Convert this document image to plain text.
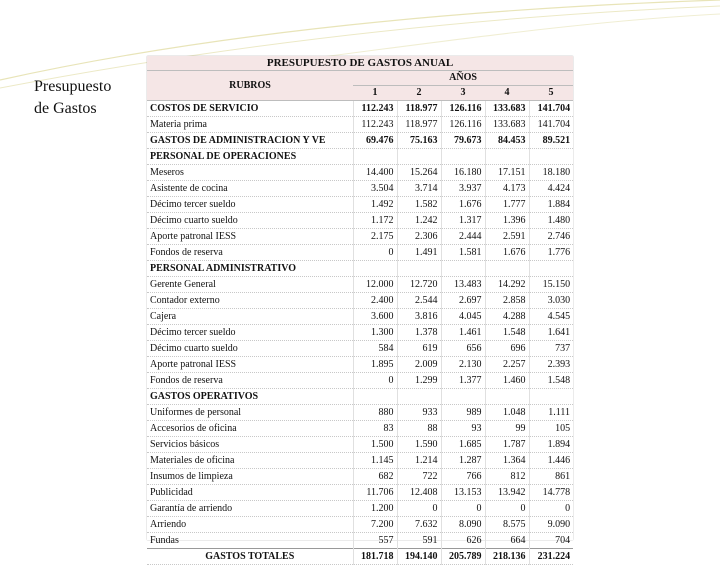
Presupuesto
de Gastos
PRESUPUESTO DE GASTOS ANUAL					
RUBROS	AÑOS				
	1	2	3	4	5
COSTOS DE SERVICIO	112.243	118.977	126.116	133.683	141.704
Materia prima	112.243	118.977	126.116	133.683	141.704
GASTOS DE ADMINISTRACION Y VE	69.476	75.163	79.673	84.453	89.521
PERSONAL DE OPERACIONES					
Meseros	14.400	15.264	16.180	17.151	18.180
Asistente de cocina	3.504	3.714	3.937	4.173	4.424
Décimo tercer sueldo	1.492	1.582	1.676	1.777	1.884
Décimo cuarto sueldo	1.172	1.242	1.317	1.396	1.480
Aporte patronal IESS	2.175	2.306	2.444	2.591	2.746
Fondos de reserva	0	1.491	1.581	1.676	1.776
PERSONAL ADMINISTRATIVO					
Gerente General	12.000	12.720	13.483	14.292	15.150
Contador externo	2.400	2.544	2.697	2.858	3.030
Cajera	3.600	3.816	4.045	4.288	4.545
Décimo tercer sueldo	1.300	1.378	1.461	1.548	1.641
Décimo cuarto sueldo	584	619	656	696	737
Aporte patronal IESS	1.895	2.009	2.130	2.257	2.393
Fondos de reserva	0	1.299	1.377	1.460	1.548
GASTOS OPERATIVOS					
Uniformes de personal	880	933	989	1.048	1.111
Accesorios de oficina	83	88	93	99	105
Servicios básicos	1.500	1.590	1.685	1.787	1.894
Materiales de oficina	1.145	1.214	1.287	1.364	1.446
Insumos de limpieza	682	722	766	812	861
Publicidad	11.706	12.408	13.153	13.942	14.778
Garantía de arriendo	1.200	0	0	0	0
Arriendo	7.200	7.632	8.090	8.575	9.090
Fundas	557	591	626	664	704
GASTOS TOTALES	181.718	194.140	205.789	218.136	231.224
